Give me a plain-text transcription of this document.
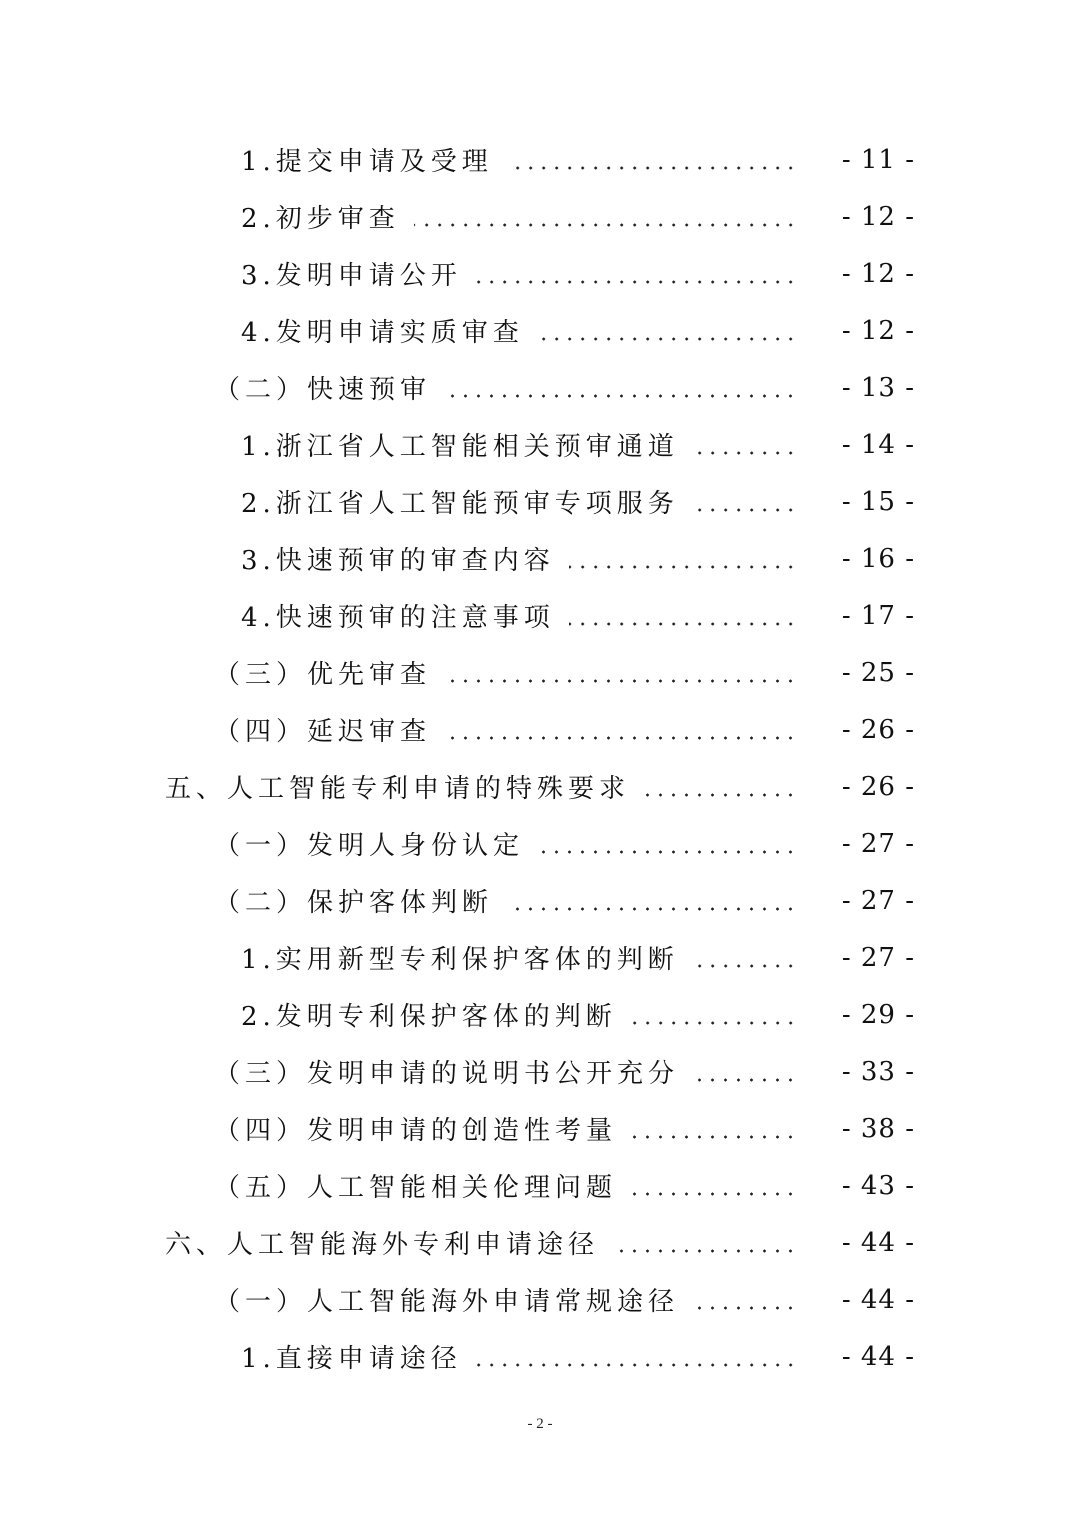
1.提交申请及受理	- 11 -
2.初步审查	- 12 -
3.发明申请公开	- 12 -
4.发明申请实质审查	- 12 -
（二）快速预审	- 13 -
1.浙江省人工智能相关预审通道	- 14 -
2.浙江省人工智能预审专项服务	- 15 -
3.快速预审的审查内容	- 16 -
4.快速预审的注意事项	- 17 -
（三）优先审查	- 25 -
（四）延迟审查	- 26 -
五、人工智能专利申请的特殊要求	- 26 -
（一）发明人身份认定	- 27 -
（二）保护客体判断	- 27 -
1.实用新型专利保护客体的判断	- 27 -
2.发明专利保护客体的判断	- 29 -
（三）发明申请的说明书公开充分	- 33 -
（四）发明申请的创造性考量	- 38 -
（五）人工智能相关伦理问题	- 43 -
六、人工智能海外专利申请途径	- 44 -
（一）人工智能海外申请常规途径	- 44 -
1.直接申请途径	- 44 -
- 2 -
